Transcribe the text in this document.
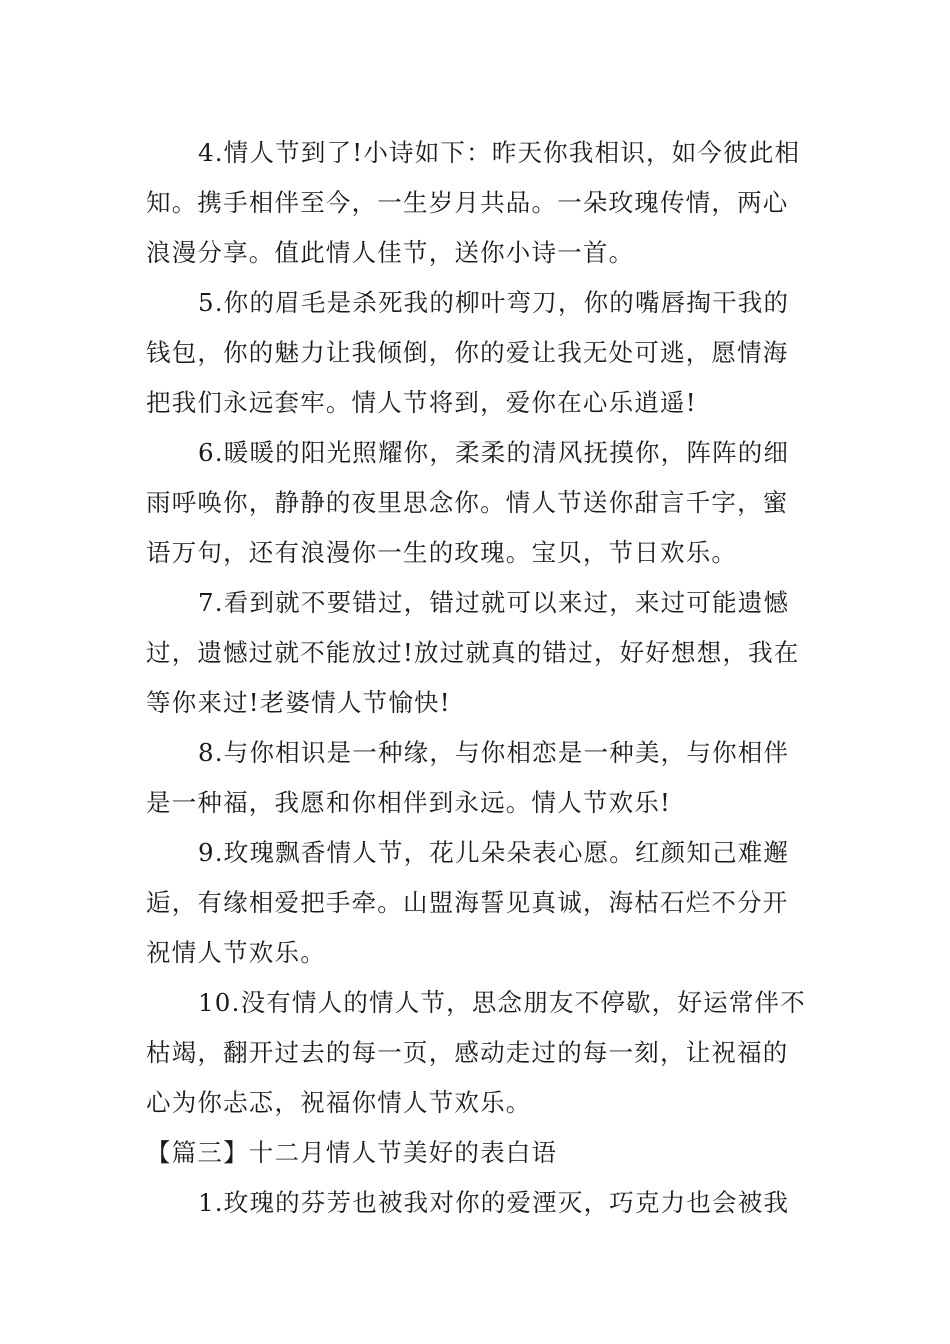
4.情人节到了!小诗如下：昨天你我相识，如今彼此相
知。携手相伴至今，一生岁月共品。一朵玫瑰传情，两心
浪漫分享。值此情人佳节，送你小诗一首。
5.你的眉毛是杀死我的柳叶弯刀，你的嘴唇掏干我的
钱包，你的魅力让我倾倒，你的爱让我无处可逃，愿情海
把我们永远套牢。情人节将到，爱你在心乐逍遥!
6.暖暖的阳光照耀你，柔柔的清风抚摸你，阵阵的细
雨呼唤你，静静的夜里思念你。情人节送你甜言千字，蜜
语万句，还有浪漫你一生的玫瑰。宝贝，节日欢乐。
7.看到就不要错过，错过就可以来过，来过可能遗憾
过，遗憾过就不能放过!放过就真的错过，好好想想，我在
等你来过!老婆情人节愉快!
8.与你相识是一种缘，与你相恋是一种美，与你相伴
是一种福，我愿和你相伴到永远。情人节欢乐!
9.玫瑰飘香情人节，花儿朵朵表心愿。红颜知己难邂
逅，有缘相爱把手牵。山盟海誓见真诚，海枯石烂不分开
祝情人节欢乐。
10.没有情人的情人节，思念朋友不停歇，好运常伴不
枯竭，翻开过去的每一页，感动走过的每一刻，让祝福的
心为你忐忑，祝福你情人节欢乐。
【篇三】十二月情人节美好的表白语
1.玫瑰的芬芳也被我对你的爱湮灭，巧克力也会被我
